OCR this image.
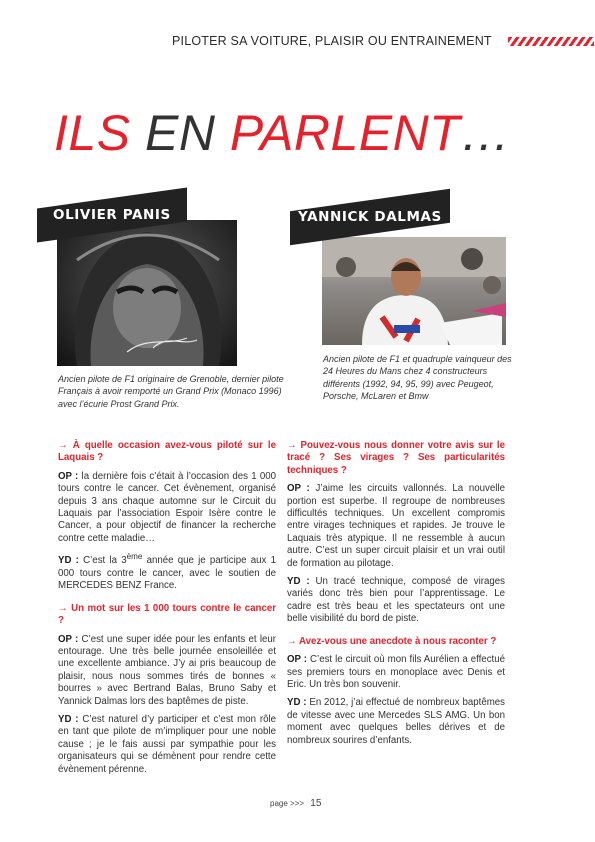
PILOTER SA VOITURE, PLAISIR OU ENTRAINEMENT
ILS EN PARLENT…
OLIVIER PANIS
Ancien pilote de F1 originaire de Grenoble, dernier pilote Français à avoir remporté un Grand Prix (Monaco 1996) avec l’écurie Prost Grand Prix.
YANNICK DALMAS
Ancien pilote de F1 et quadruple vainqueur des 24 Heures du Mans chez 4 constructeurs différents (1992, 94, 95, 99) avec Peugeot, Porsche, McLaren et Bmw

→ À quelle occasion avez-vous piloté sur le Laquais ?

OP : la dernière fois c’était à l’occasion des 1 000 tours contre le cancer. Cet évènement, organisé depuis 3 ans chaque automne sur le Circuit du Laquais par l’association Espoir Isère contre le Cancer, a pour objectif de financer la recherche contre cette maladie…

YD : C’est la 3ème année que je participe aux 1 000 tours contre le cancer, avec le soutien de MERCEDES BENZ France.

→ Un mot sur les 1 000 tours contre le cancer ?

OP : C’est une super idée pour les enfants et leur entourage. Une très belle journée ensoleillée et une excellente ambiance. J’y ai pris beaucoup de plaisir, nous nous sommes tirés de bonnes « bourres » avec Bertrand Balas, Bruno Saby et Yannick Dalmas lors des baptêmes de piste.

YD : C’est naturel d’y participer et c’est mon rôle en tant que pilote de m’impliquer pour une noble cause ; je le fais aussi par sympathie pour les organisateurs qui se démènent pour rendre cette évènement pérenne.

→ Pouvez-vous nous donner votre avis sur le tracé ? Ses virages ? Ses particularités techniques ?

OP : J’aime les circuits vallonnés. La nouvelle portion est superbe. Il regroupe de nombreuses difficultés techniques. Un excellent compromis entre virages techniques et rapides. Je trouve le Laquais très atypique. Il ne ressemble à aucun autre. C’est un super circuit plaisir et un vrai outil de formation au pilotage.

YD : Un tracé technique, composé de virages variés donc très bien pour l’apprentissage. Le cadre est très beau et les spectateurs ont une belle visibilité du bord de piste.

→ Avez-vous une anecdote à nous raconter ?

OP : C’est le circuit où mon fils Aurélien a effectué ses premiers tours en monoplace avec Denis et Eric. Un très bon souvenir.

YD : En 2012, j’ai effectué de nombreux baptêmes de vitesse avec une Mercedes SLS AMG. Un bon moment avec quelques belles dérives et de nombreux sourires d’enfants.

page >>> 15
